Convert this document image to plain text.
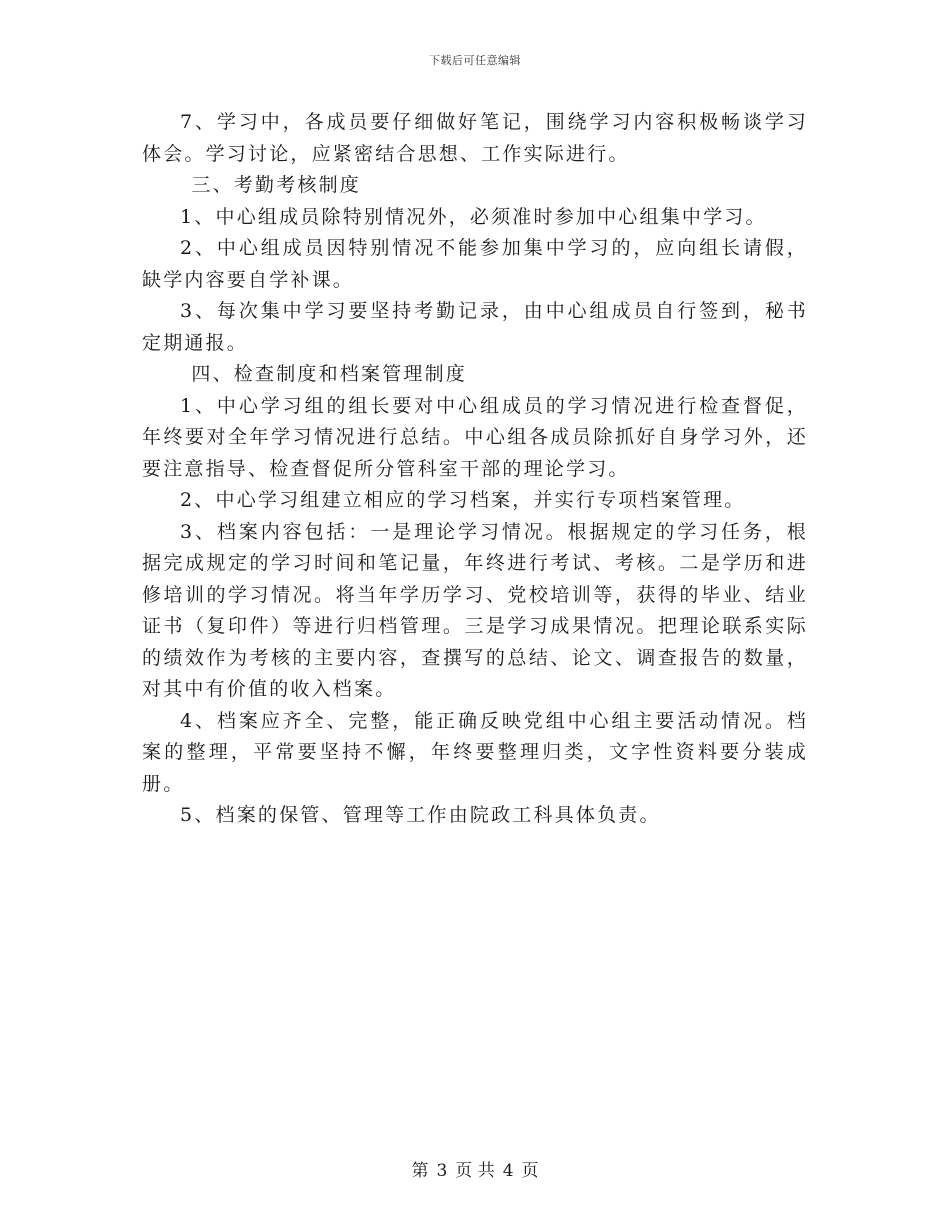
下载后可任意编辑

7、学习中，各成员要仔细做好笔记，围绕学习内容积极畅谈学习体会。学习讨论，应紧密结合思想、工作实际进行。

三、考勤考核制度

1、中心组成员除特别情况外，必须准时参加中心组集中学习。

2、中心组成员因特别情况不能参加集中学习的，应向组长请假，缺学内容要自学补课。

3、每次集中学习要坚持考勤记录，由中心组成员自行签到，秘书定期通报。

四、检查制度和档案管理制度

1、中心学习组的组长要对中心组成员的学习情况进行检查督促，年终要对全年学习情况进行总结。中心组各成员除抓好自身学习外，还要注意指导、检查督促所分管科室干部的理论学习。

2、中心学习组建立相应的学习档案，并实行专项档案管理。

3、档案内容包括：一是理论学习情况。根据规定的学习任务，根据完成规定的学习时间和笔记量，年终进行考试、考核。二是学历和进修培训的学习情况。将当年学历学习、党校培训等，获得的毕业、结业证书（复印件）等进行归档管理。三是学习成果情况。把理论联系实际的绩效作为考核的主要内容，查撰写的总结、论文、调查报告的数量，对其中有价值的收入档案。

4、档案应齐全、完整，能正确反映党组中心组主要活动情况。档案的整理，平常要坚持不懈，年终要整理归类，文字性资料要分装成册。

5、档案的保管、管理等工作由院政工科具体负责。

第 3 页 共 4 页
